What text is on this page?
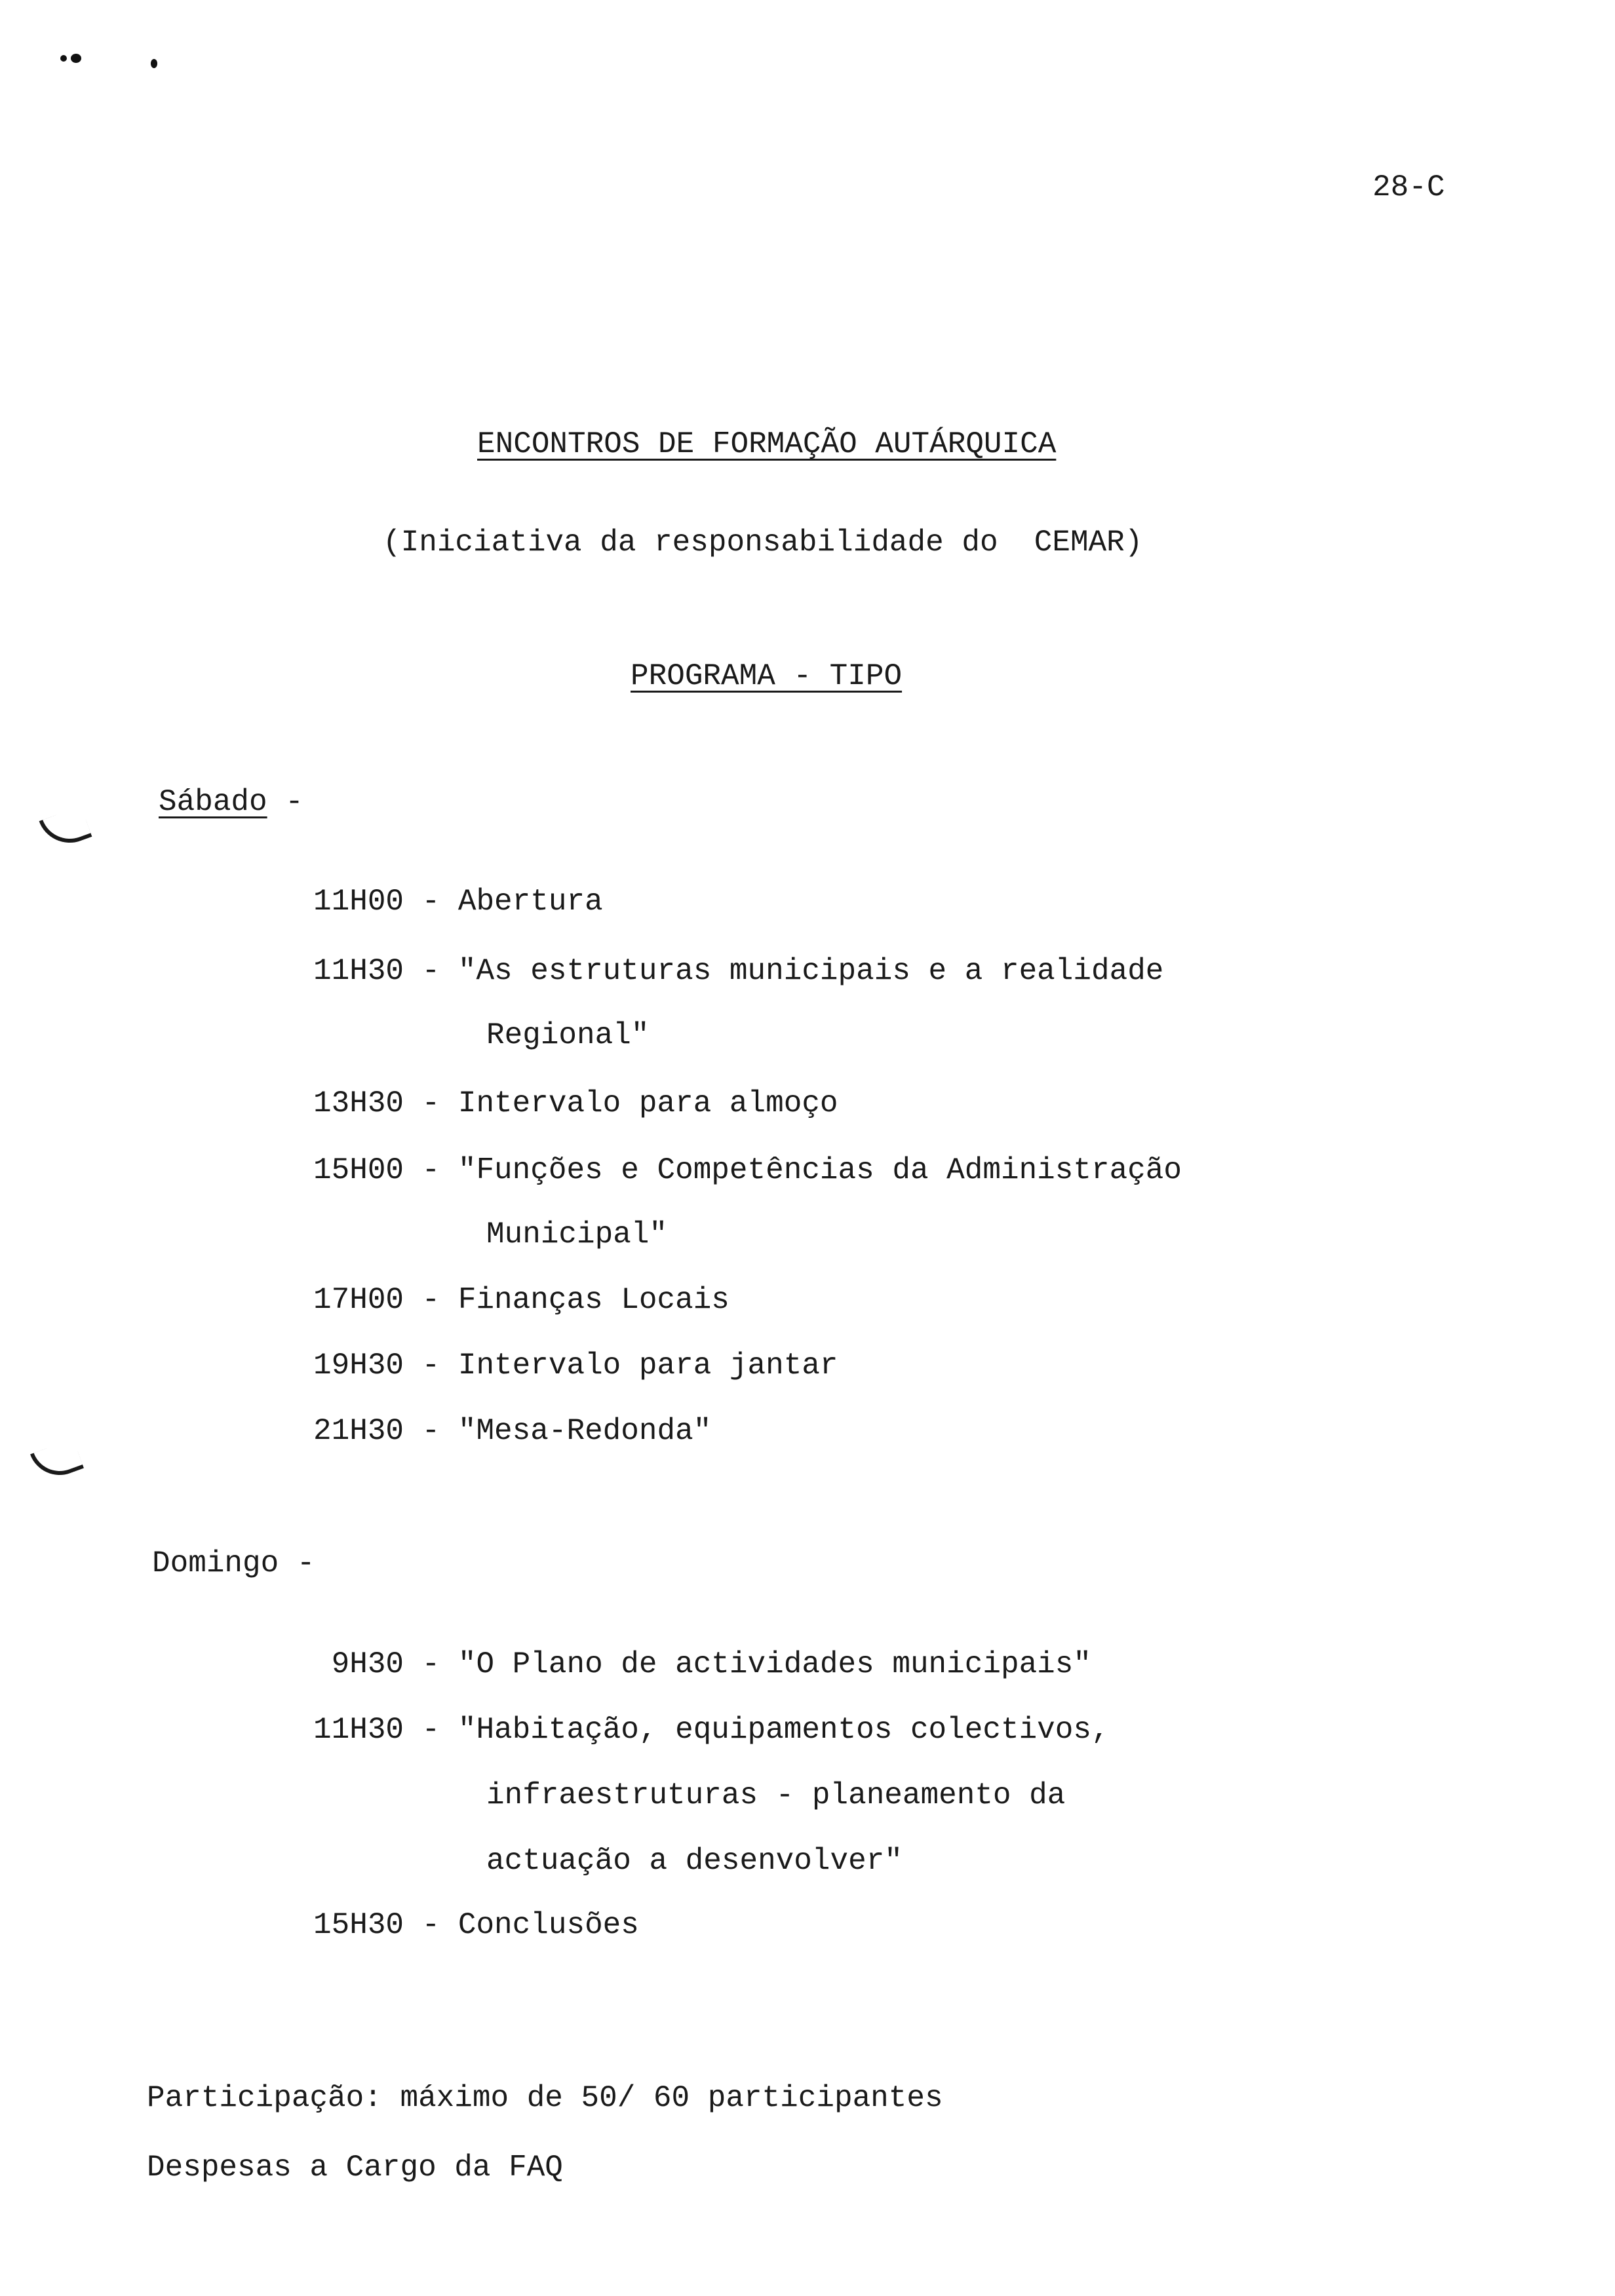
28-C
ENCONTROS DE FORMAÇÃO AUTÁRQUICA
(Iniciativa da responsabilidade do  CEMAR)
PROGRAMA - TIPO
Sábado -
11H00 - Abertura
11H30 - "As estruturas municipais e a realidade
Regional"
13H30 - Intervalo para almoço
15H00 - "Funções e Competências da Administração
Municipal"
17H00 - Finanças Locais
19H30 - Intervalo para jantar
21H30 - "Mesa-Redonda"
Domingo -
9H30 - "O Plano de actividades municipais"
11H30 - "Habitação, equipamentos colectivos,
infraestruturas - planeamento da
actuação a desenvolver"
15H30 - Conclusões
Participação: máximo de 50/ 60 participantes
Despesas a Cargo da FAQ
